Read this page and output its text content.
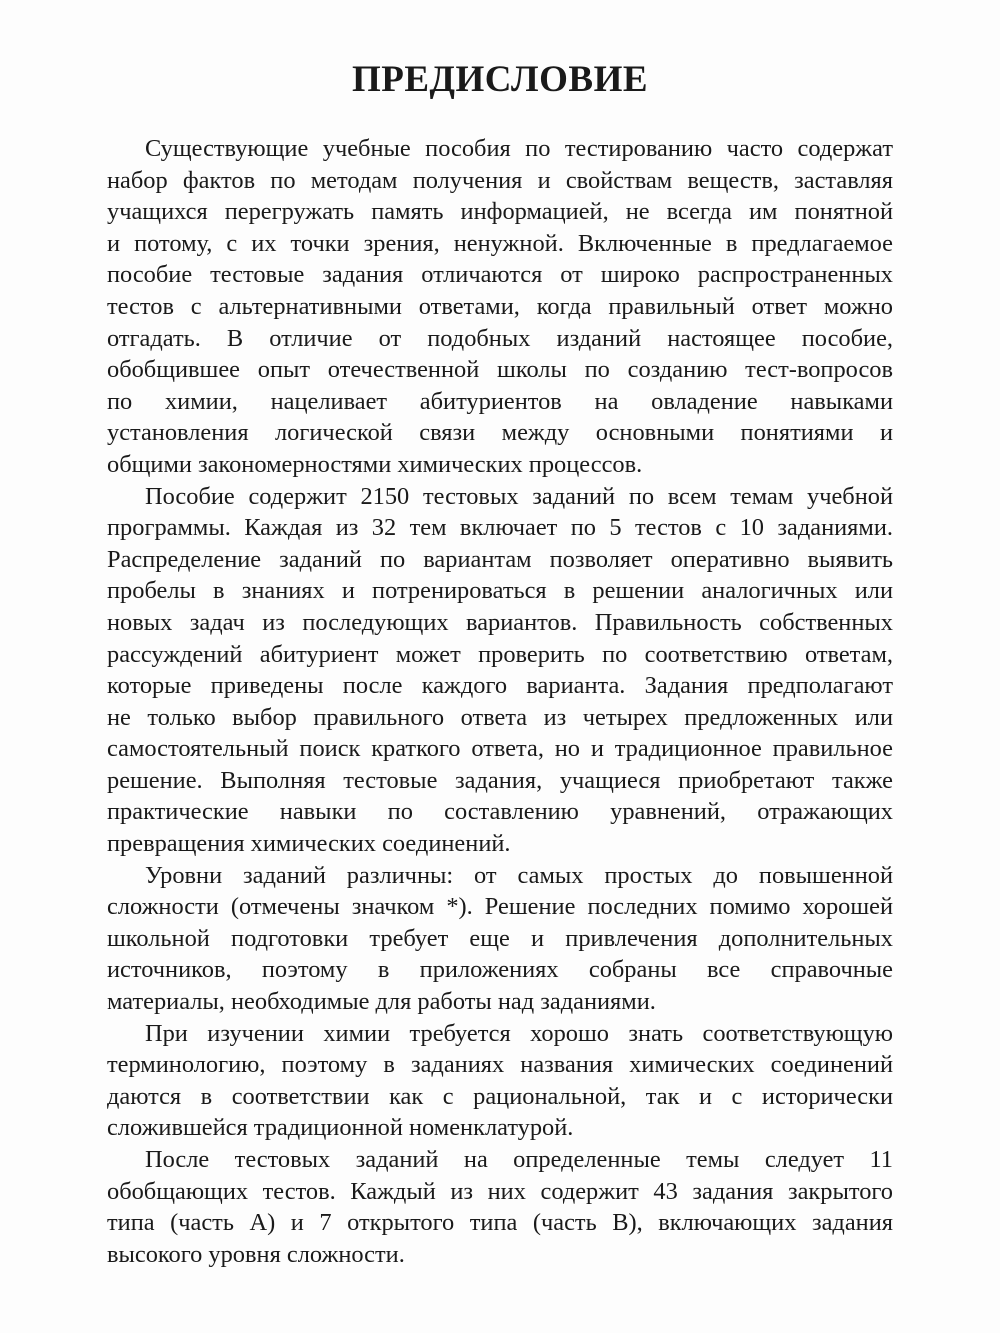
ПРЕДИСЛОВИЕ

Существующие учебные пособия по тестированию часто содержат
набор фактов по методам получения и свойствам веществ, заставляя
учащихся перегружать память информацией, не всегда им понятной
и потому, с их точки зрения, ненужной. Включенные в предлагаемое
пособие тестовые задания отличаются от широко распространенных
тестов с альтернативными ответами, когда правильный ответ можно
отгадать. В отличие от подобных изданий настоящее пособие,
обобщившее опыт отечественной школы по созданию тест-вопросов
по химии, нацеливает абитуриентов на овладение навыками
установления логической связи между основными понятиями и
общими закономерностями химических процессов.

Пособие содержит 2150 тестовых заданий по всем темам учебной
программы. Каждая из 32 тем включает по 5 тестов с 10 заданиями.
Распределение заданий по вариантам позволяет оперативно выявить
пробелы в знаниях и потренироваться в решении аналогичных или
новых задач из последующих вариантов. Правильность собственных
рассуждений абитуриент может проверить по соответствию ответам,
которые приведены после каждого варианта. Задания предполагают
не только выбор правильного ответа из четырех предложенных или
самостоятельный поиск краткого ответа, но и традиционное правильное
решение. Выполняя тестовые задания, учащиеся приобретают также
практические навыки по составлению уравнений, отражающих
превращения химических соединений.

Уровни заданий различны: от самых простых до повышенной
сложности (отмечены значком *). Решение последних помимо хорошей
школьной подготовки требует еще и привлечения дополнительных
источников, поэтому в приложениях собраны все справочные
материалы, необходимые для работы над заданиями.

При изучении химии требуется хорошо знать соответствующую
терминологию, поэтому в заданиях названия химических соединений
даются в соответствии как с рациональной, так и с исторически
сложившейся традиционной номенклатурой.

После тестовых заданий на определенные темы следует 11
обобщающих тестов. Каждый из них содержит 43 задания закрытого
типа (часть А) и 7 открытого типа (часть В), включающих задания
высокого уровня сложности.
